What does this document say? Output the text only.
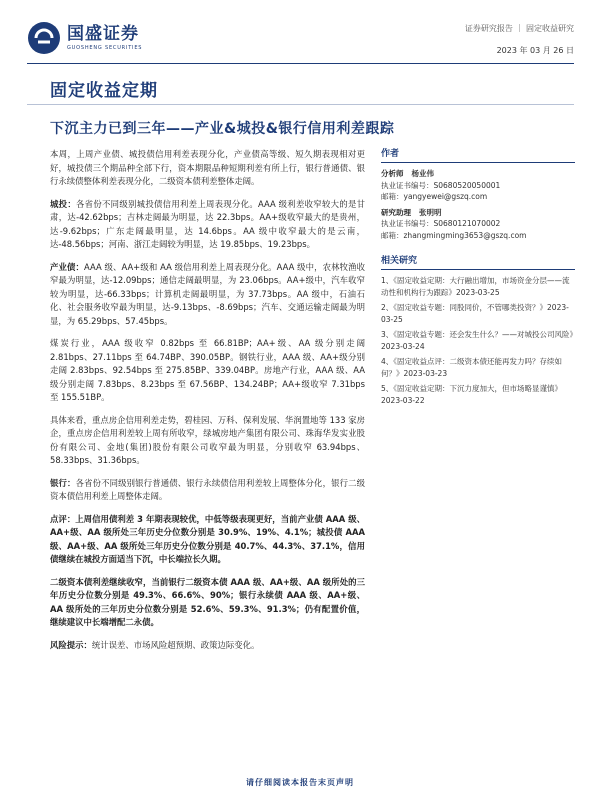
国盛证券
GUOSHENG SECURITIES
证券研究报告 ｜ 固定收益研究
2023 年 03 月 26 日
固定收益定期
下沉主力已到三年——产业&城投&银行信用利差跟踪

本周，上周产业债、城投债信用利差表现分化，产业债高等级、短久期表现相对更好，城投债三个期品种全部下行，资本期限品种短期利差有所上行，银行普通债、银行永续债整体利差表现分化，二级资本债利差整体走阔。

城投：各省份不同级别城投债信用利差上周表现分化。AAA 级利差收窄较大的是甘肃，达-42.62bps；吉林走阔最为明显，达 22.3bps。AA+级收窄最大的是贵州，达-9.62bps；广东走阔最明显，达 14.6bps。AA 级中收窄最大的是云南，达-48.56bps；河南、浙江走阔较为明显，达 19.85bps、19.23bps。

产业债：AAA 级、AA+级和 AA 级信用利差上周表现分化。AAA 级中，农林牧渔收窄最为明显，达-12.09bps；通信走阔最明显，为 23.06bps。AA+级中，汽车收窄较为明显，达-66.33bps；计算机走阔最明显，为 37.73bps。AA 级中，石油石化、社会服务收窄最为明显，达-9.13bps、-8.69bps；汽车、交通运输走阔最为明显，为 65.29bps、57.45bps。

煤炭行业，AAA 级收窄 0.82bps 至 66.81BP；AA+级、AA 级分别走阔 2.81bps、27.11bps 至 64.74BP、390.05BP。钢铁行业，AAA 级、AA+级分别走阔 2.83bps、92.54bps 至 275.85BP、339.04BP。房地产行业，AAA 级、AA 级分别走阔 7.83bps、8.23bps 至 67.56BP、134.24BP；AA+级收窄 7.31bps 至 155.51BP。

具体来看，重点房企信用利差走势，碧桂园、万科、保利发展、华润置地等 133 家房企，重点房企信用利差较上周有所收窄，绿城房地产集团有限公司、珠海华发实业股份有限公司、金地(集团)股份有限公司收窄最为明显，分别收窄 63.94bps、58.33bps、31.36bps。

银行：各省份不同级别银行普通债、银行永续债信用利差较上周整体分化，银行二级资本债信用利差上周整体走阔。

点评：上周信用债利差 3 年期表现较优，中低等级表现更好，当前产业债 AAA 级、AA+级、AA 级所处三年历史分位数分别是 30.9%、19%、4.1%；城投债 AAA 级、AA+级、AA 级所处三年历史分位数分别是 40.7%、44.3%、37.1%，信用债继续在城投方面适当下沉，中长端拉长久期。

二级资本债利差继续收窄，当前银行二级资本债 AAA 级、AA+级、AA 级所处的三年历史分位数分别是 49.3%、66.6%、90%；银行永续债 AAA 级、AA+级、AA 级所处的三年历史分位数分别是 52.6%、59.3%、91.3%；仍有配置价值，继续建议中长端增配二永债。

风险提示：统计误差、市场风险超预期、政策边际变化。

作者
分析师 杨业伟
执业证书编号：S0680520050001
邮箱：yangyewei@gszq.com
研究助理 张明明
执业证书编号：S0680121070002
邮箱：zhangmingming3653@gszq.com
相关研究
1、《固定收益定期：大行融出增加，市场资金分层——流动性和机构行为跟踪》2023-03-25
2、《固定收益专题：同股同价，不管哪类投资？》2023-03-25
3、《固定收益专题：还会发生什么？——对城投公司风险》2023-03-24
4、《固定收益点评：二级资本债还能再发力吗？存续如何？》2023-03-23
5、《固定收益定期：下沉力度加大，但市场略显谨慎》2023-03-22
请仔细阅读本报告末页声明
